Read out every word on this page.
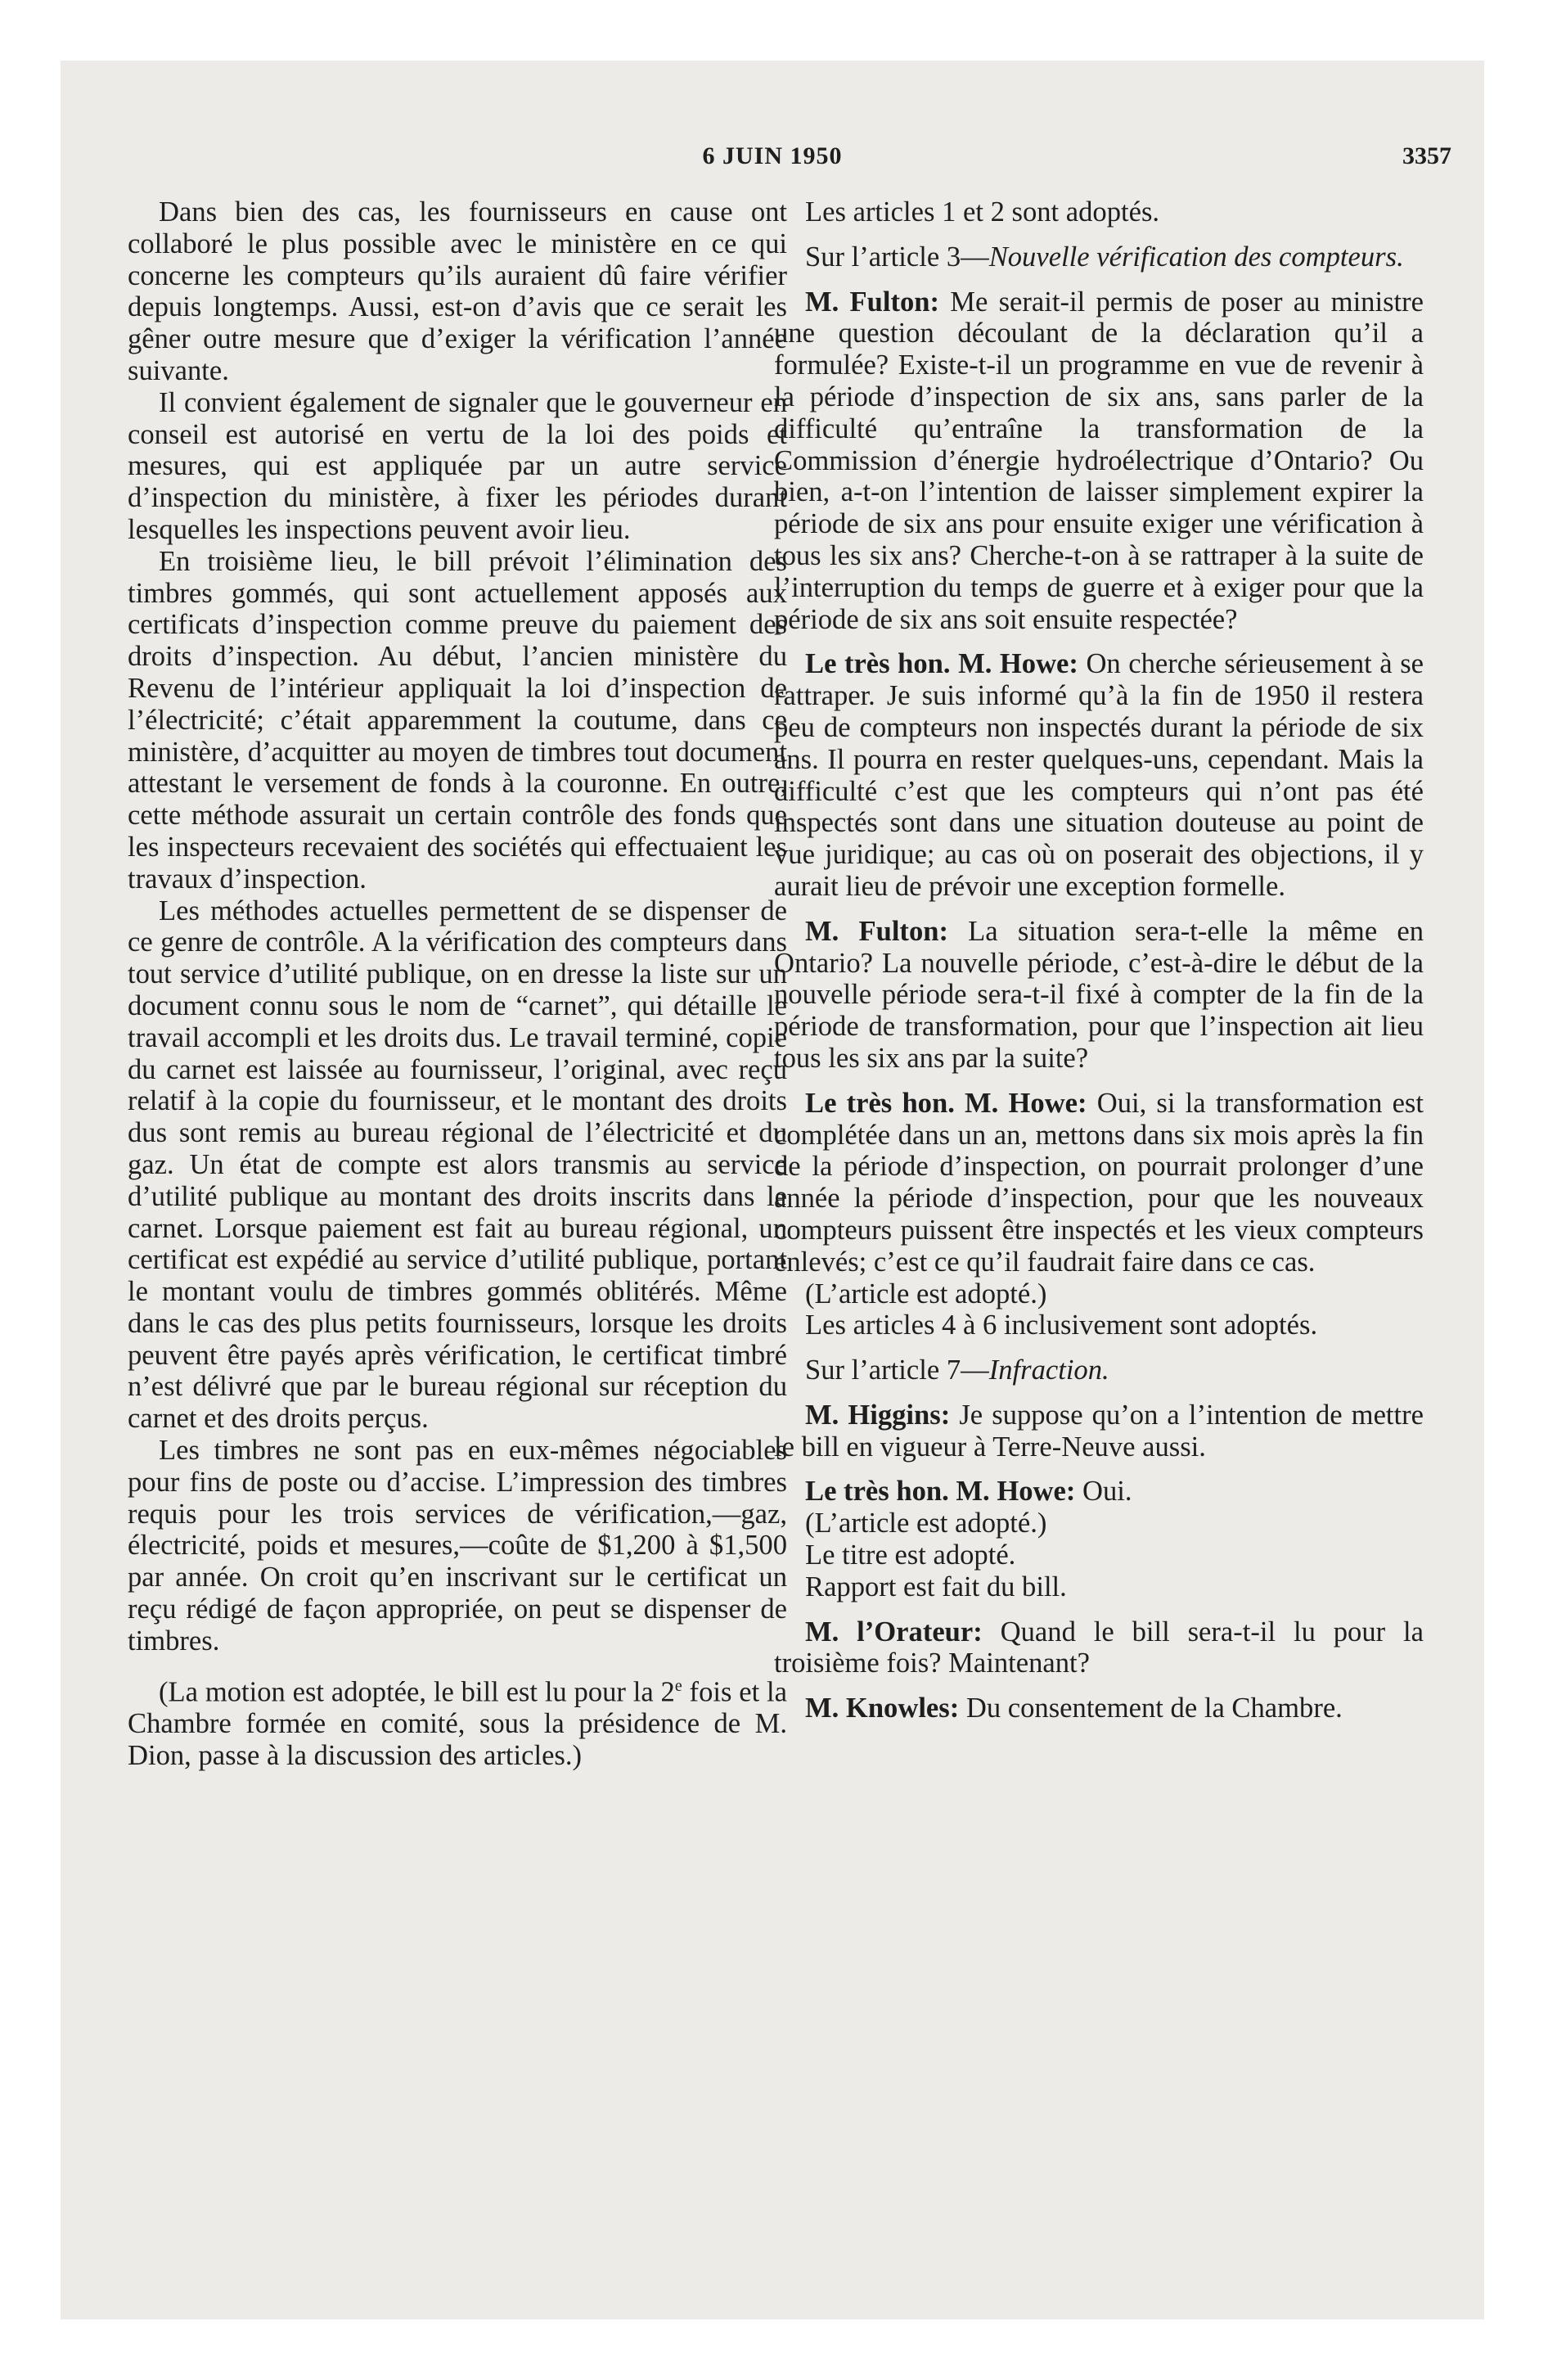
6 JUIN 1950	3357

Dans bien des cas, les fournisseurs en cause ont collaboré le plus possible avec le ministère en ce qui concerne les compteurs qu’ils auraient dû faire vérifier depuis longtemps. Aussi, est-on d’avis que ce serait les gêner outre mesure que d’exiger la vérification l’année suivante.

Il convient également de signaler que le gouverneur en conseil est autorisé en vertu de la loi des poids et mesures, qui est appliquée par un autre service d’inspection du ministère, à fixer les périodes durant lesquelles les inspections peuvent avoir lieu.

En troisième lieu, le bill prévoit l’élimination des timbres gommés, qui sont actuellement apposés aux certificats d’inspection comme preuve du paiement des droits d’inspection. Au début, l’ancien ministère du Revenu de l’intérieur appliquait la loi d’inspection de l’électricité; c’était apparemment la coutume, dans ce ministère, d’acquitter au moyen de timbres tout document attestant le versement de fonds à la couronne. En outre, cette méthode assurait un certain contrôle des fonds que les inspecteurs recevaient des sociétés qui effectuaient les travaux d’inspection.

Les méthodes actuelles permettent de se dispenser de ce genre de contrôle. A la vérification des compteurs dans tout service d’utilité publique, on en dresse la liste sur un document connu sous le nom de “carnet”, qui détaille le travail accompli et les droits dus. Le travail terminé, copie du carnet est laissée au fournisseur, l’original, avec reçu relatif à la copie du fournisseur, et le montant des droits dus sont remis au bureau régional de l’électricité et du gaz. Un état de compte est alors transmis au service d’utilité publique au montant des droits inscrits dans le carnet. Lorsque paiement est fait au bureau régional, un certificat est expédié au service d’utilité publique, portant le montant voulu de timbres gommés oblitérés. Même dans le cas des plus petits fournisseurs, lorsque les droits peuvent être payés après vérification, le certificat timbré n’est délivré que par le bureau régional sur réception du carnet et des droits perçus.

Les timbres ne sont pas en eux-mêmes négociables pour fins de poste ou d’accise. L’impression des timbres requis pour les trois services de vérification,—gaz, électricité, poids et mesures,—coûte de $1,200 à $1,500 par année. On croit qu’en inscrivant sur le certificat un reçu rédigé de façon appropriée, on peut se dispenser de timbres.

(La motion est adoptée, le bill est lu pour la 2e fois et la Chambre formée en comité, sous la présidence de M. Dion, passe à la discussion des articles.)

Les articles 1 et 2 sont adoptés.

Sur l’article 3—Nouvelle vérification des compteurs.

M. Fulton: Me serait-il permis de poser au ministre une question découlant de la déclaration qu’il a formulée? Existe-t-il un programme en vue de revenir à la période d’inspection de six ans, sans parler de la difficulté qu’entraîne la transformation de la Commission d’énergie hydroélectrique d’Ontario? Ou bien, a-t-on l’intention de laisser simplement expirer la période de six ans pour ensuite exiger une vérification à tous les six ans? Cherche-t-on à se rattraper à la suite de l’interruption du temps de guerre et à exiger pour que la période de six ans soit ensuite respectée?

Le très hon. M. Howe: On cherche sérieusement à se rattraper. Je suis informé qu’à la fin de 1950 il restera peu de compteurs non inspectés durant la période de six ans. Il pourra en rester quelques-uns, cependant. Mais la difficulté c’est que les compteurs qui n’ont pas été inspectés sont dans une situation douteuse au point de vue juridique; au cas où on poserait des objections, il y aurait lieu de prévoir une exception formelle.

M. Fulton: La situation sera-t-elle la même en Ontario? La nouvelle période, c’est-à-dire le début de la nouvelle période sera-t-il fixé à compter de la fin de la période de transformation, pour que l’inspection ait lieu tous les six ans par la suite?

Le très hon. M. Howe: Oui, si la transformation est complétée dans un an, mettons dans six mois après la fin de la période d’inspection, on pourrait prolonger d’une année la période d’inspection, pour que les nouveaux compteurs puissent être inspectés et les vieux compteurs enlevés; c’est ce qu’il faudrait faire dans ce cas.

(L’article est adopté.)

Les articles 4 à 6 inclusivement sont adoptés.

Sur l’article 7—Infraction.

M. Higgins: Je suppose qu’on a l’intention de mettre le bill en vigueur à Terre-Neuve aussi.

Le très hon. M. Howe: Oui.

(L’article est adopté.)

Le titre est adopté.

Rapport est fait du bill.

M. l’Orateur: Quand le bill sera-t-il lu pour la troisième fois? Maintenant?

M. Knowles: Du consentement de la Chambre.
